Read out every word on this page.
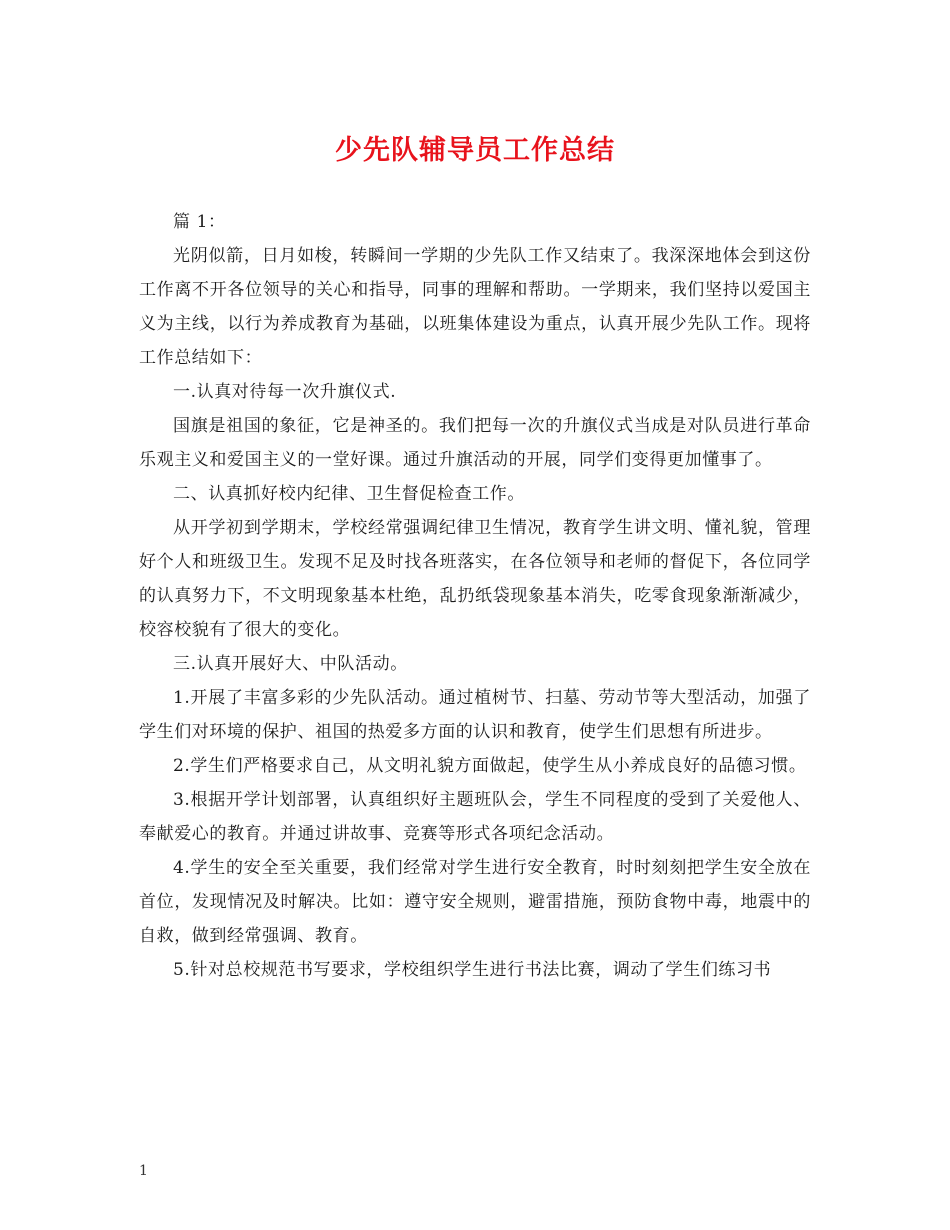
少先队辅导员工作总结

篇 1：

光阴似箭，日月如梭，转瞬间一学期的少先队工作又结束了。我深深地体会到这份工作离不开各位领导的关心和指导，同事的理解和帮助。一学期来，我们坚持以爱国主义为主线，以行为养成教育为基础，以班集体建设为重点，认真开展少先队工作。现将工作总结如下：

一.认真对待每一次升旗仪式.

国旗是祖国的象征，它是神圣的。我们把每一次的升旗仪式当成是对队员进行革命乐观主义和爱国主义的一堂好课。通过升旗活动的开展，同学们变得更加懂事了。

二、认真抓好校内纪律、卫生督促检查工作。

从开学初到学期末，学校经常强调纪律卫生情况，教育学生讲文明、懂礼貌，管理好个人和班级卫生。发现不足及时找各班落实，在各位领导和老师的督促下，各位同学的认真努力下，不文明现象基本杜绝，乱扔纸袋现象基本消失，吃零食现象渐渐减少，校容校貌有了很大的变化。

三.认真开展好大、中队活动。

1.开展了丰富多彩的少先队活动。通过植树节、扫墓、劳动节等大型活动，加强了学生们对环境的保护、祖国的热爱多方面的认识和教育，使学生们思想有所进步。

2.学生们严格要求自己，从文明礼貌方面做起，使学生从小养成良好的品德习惯。

3.根据开学计划部署，认真组织好主题班队会，学生不同程度的受到了关爱他人、奉献爱心的教育。并通过讲故事、竞赛等形式各项纪念活动。

4.学生的安全至关重要，我们经常对学生进行安全教育，时时刻刻把学生安全放在首位，发现情况及时解决。比如：遵守安全规则，避雷措施，预防食物中毒，地震中的自救，做到经常强调、教育。

5.针对总校规范书写要求，学校组织学生进行书法比赛，调动了学生们练习书

1
